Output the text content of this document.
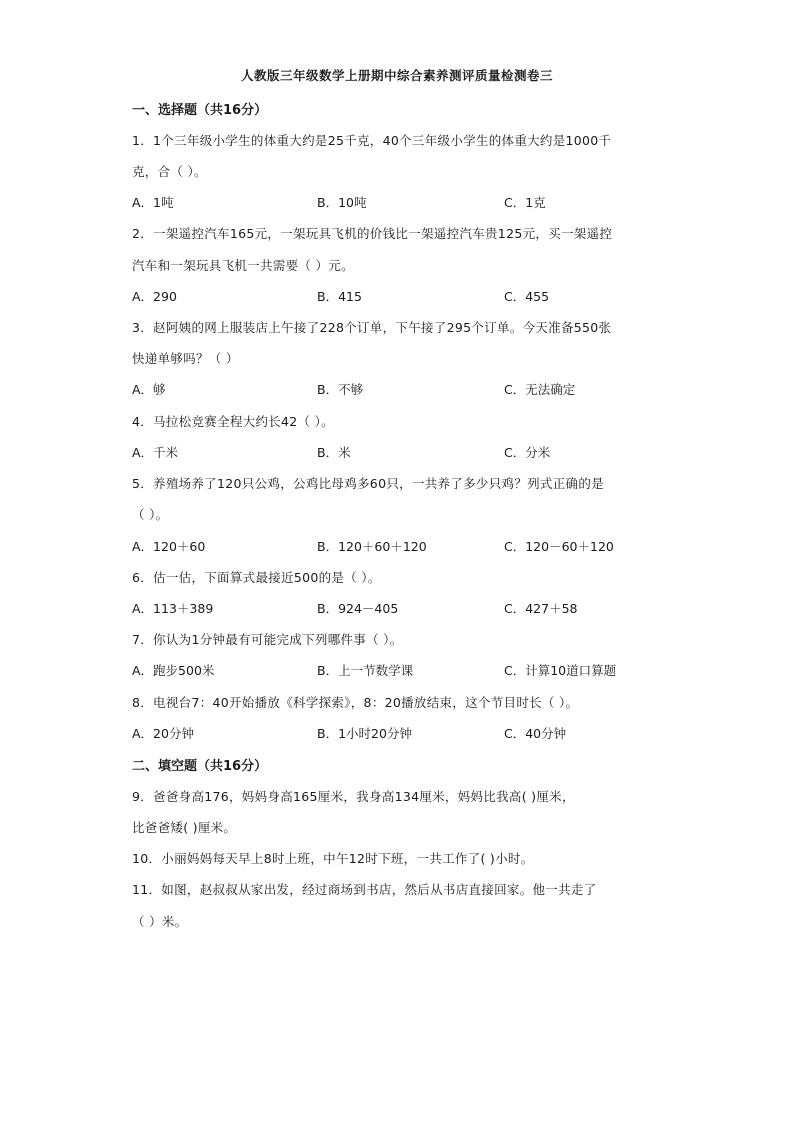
人教版三年级数学上册期中综合素养测评质量检测卷三
一、选择题（共16分）
1．1个三年级小学生的体重大约是25千克，40个三年级小学生的体重大约是1000千
克，合（ ）。
A．1吨	B．10吨	C．1克
2．一架遥控汽车165元，一架玩具飞机的价钱比一架遥控汽车贵125元，买一架遥控
汽车和一架玩具飞机一共需要（ ）元。
A．290	B．415	C．455
3．赵阿姨的网上服装店上午接了228个订单，下午接了295个订单。今天准备550张
快递单够吗？（ ）
A．够	B．不够	C．无法确定
4．马拉松竞赛全程大约长42（ ）。
A．千米	B．米	C．分米
5．养殖场养了120只公鸡，公鸡比母鸡多60只，一共养了多少只鸡？列式正确的是
（ ）。
A．120＋60	B．120＋60＋120	C．120－60＋120
6．估一估，下面算式最接近500的是（ ）。
A．113＋389	B．924－405	C．427＋58
7．你认为1分钟最有可能完成下列哪件事（ ）。
A．跑步500米	B．上一节数学课	C．计算10道口算题
8．电视台7：40开始播放《科学探索》，8：20播放结束，这个节目时长（ ）。
A．20分钟	B．1小时20分钟	C．40分钟
二、填空题（共16分）
9．爸爸身高176，妈妈身高165厘米，我身高134厘米，妈妈比我高( )厘米，
比爸爸矮( )厘米。
10．小丽妈妈每天早上8时上班，中午12时下班，一共工作了( )小时。
11．如图，赵叔叔从家出发，经过商场到书店，然后从书店直接回家。他一共走了
（ ）米。
